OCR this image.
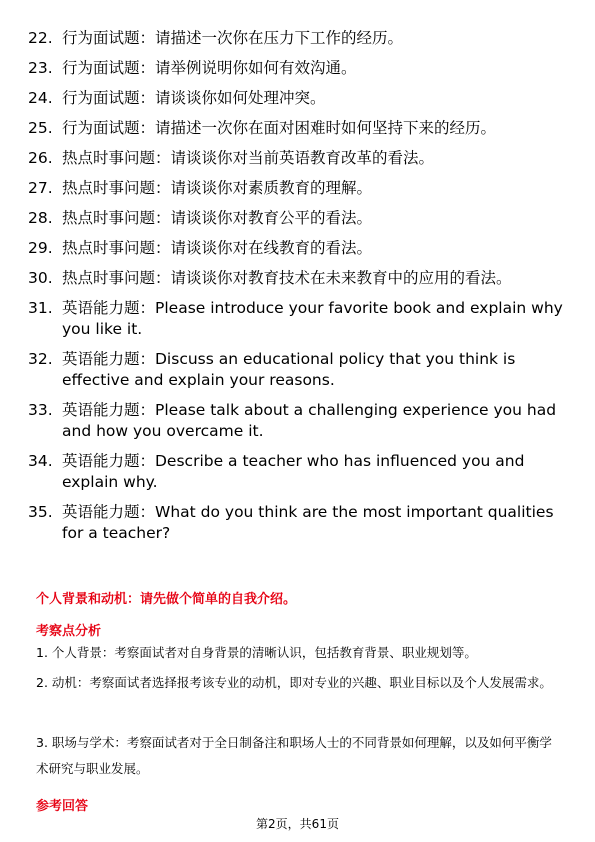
22. 行为面试题：请描述一次你在压力下工作的经历。
23. 行为面试题：请举例说明你如何有效沟通。
24. 行为面试题：请谈谈你如何处理冲突。
25. 行为面试题：请描述一次你在面对困难时如何坚持下来的经历。
26. 热点时事问题：请谈谈你对当前英语教育改革的看法。
27. 热点时事问题：请谈谈你对素质教育的理解。
28. 热点时事问题：请谈谈你对教育公平的看法。
29. 热点时事问题：请谈谈你对在线教育的看法。
30. 热点时事问题：请谈谈你对教育技术在未来教育中的应用的看法。
31. 英语能力题：Please introduce your favorite book and explain why you like it.
32. 英语能力题：Discuss an educational policy that you think is effective and explain your reasons.
33. 英语能力题：Please talk about a challenging experience you had and how you overcame it.
34. 英语能力题：Describe a teacher who has influenced you and explain why.
35. 英语能力题：What do you think are the most important qualities for a teacher?
个人背景和动机：请先做个简单的自我介绍。
考察点分析
1. 个人背景：考察面试者对自身背景的清晰认识，包括教育背景、职业规划等。
2. 动机：考察面试者选择报考该专业的动机，即对专业的兴趣、职业目标以及个人发展需求。
3. 职场与学术：考察面试者对于全日制备注和职场人士的不同背景如何理解，以及如何平衡学术研究与职业发展。
参考回答
第2页，共61页
